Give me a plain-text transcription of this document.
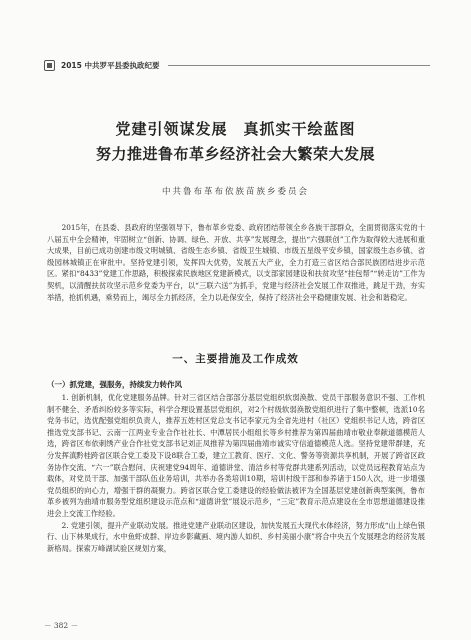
2015 中共罗平县委执政纪要
党建引领谋发展　真抓实干绘蓝图
努力推进鲁布革乡经济社会大繁荣大发展
中共鲁布革布依族苗族乡委员会

2015年，在县委、县政府的坚强领导下，鲁布革乡党委、政府团结带领全乡各族干部群众，全面贯彻落实党的十八届五中全会精神，牢固树立“创新、协调、绿色、开放、共享”发展理念，提出“六强联创”工作为取得较大进展和重大成果，目前已成功创建市级文明城镇、省级生态乡镇、省级卫生城镇、市级五星级平安乡镇，国家级生态乡镇、省级园林城镇正在审批中。坚持党建引领，发挥四大优势，发展五大产业，全力打造三省区结合部民族团结进步示范区。紧扣“8433”党建工作思路，积极探索民族地区党建新模式，以支部家园建设和扶贫攻坚“挂包帮”“转走访”工作为契机，以清醒扶贫攻坚示范乡党委为平台，以“三联六送”为抓手，党建与经济社会发展工作双推进，跳足干劲，夯实举措，抢抓机遇，乘势而上，竭尽全力抓经济，全力以赴保安全，保持了经济社会平稳健康发展、社会和谐稳定。

一、主要措施及工作成效
（一）抓党建，强服务，持续发力转作风

1. 创新机制，优化党建服务品牌。针对三省区结合部部分基层党组织软弱涣散、党员干部服务意识不强、工作机制不健全、矛盾纠纷较多等实际，科学合理设置基层党组织，对2个村级软弱涣散党组织进行了集中整顿，选派10名党务书记，选优配强党组织负责人，推荐五姓村区党总支书记李家元为全省先进村（社区）党组织书记人选，跨省区推选党支部书记、云南一江两业专业合作社社长、中潭居民小组组长等乡村推荐为第四届曲靖市敬业奉献道德模范人选，跨省区布依刺绣产业合作社党支部书记刘正凤推荐为第四届曲靖市诚实守信道德模范人选。坚持党建带群建，充分发挥滇黔桂跨省区联合党工委及下设8联合工委，建立工教育、医疗、文化、警务等资源共享机制，开展了跨省区政务协作交流、“六一”联合慰问、庆祝建党94周年、道德讲堂、清洁乡村等党群共建系列活动，以党员远程教育站点为载体，对党员干部、加强干部队伍业务培训，共举办各类培训10期，培训村级干部和参养诸于150人次，进一步增强党员组织的向心力，增强干群的凝聚力。跨省区联合党工委建设的经验做法被评为全国基层党建创新典型案例，鲁布革乡被列为曲靖市服务型党组织建设示范点和“道德讲堂”展设示范乡，“三定”教育示范点建设在全市思想道德建设推进会上交流工作经验。

2. 党建引领，提升产业联动发展。推进党建产业联动区建设，加快发展五大现代水体经济，努力形成“山上绿色银行、山下林果成行，水中鱼虾成群、岸边乡影藏画、境内游人如织、乡村美丽小康”将合中央五个发展理念的经济发展新格局。探索万峰湖试验区规划方案，

－ 382 －
